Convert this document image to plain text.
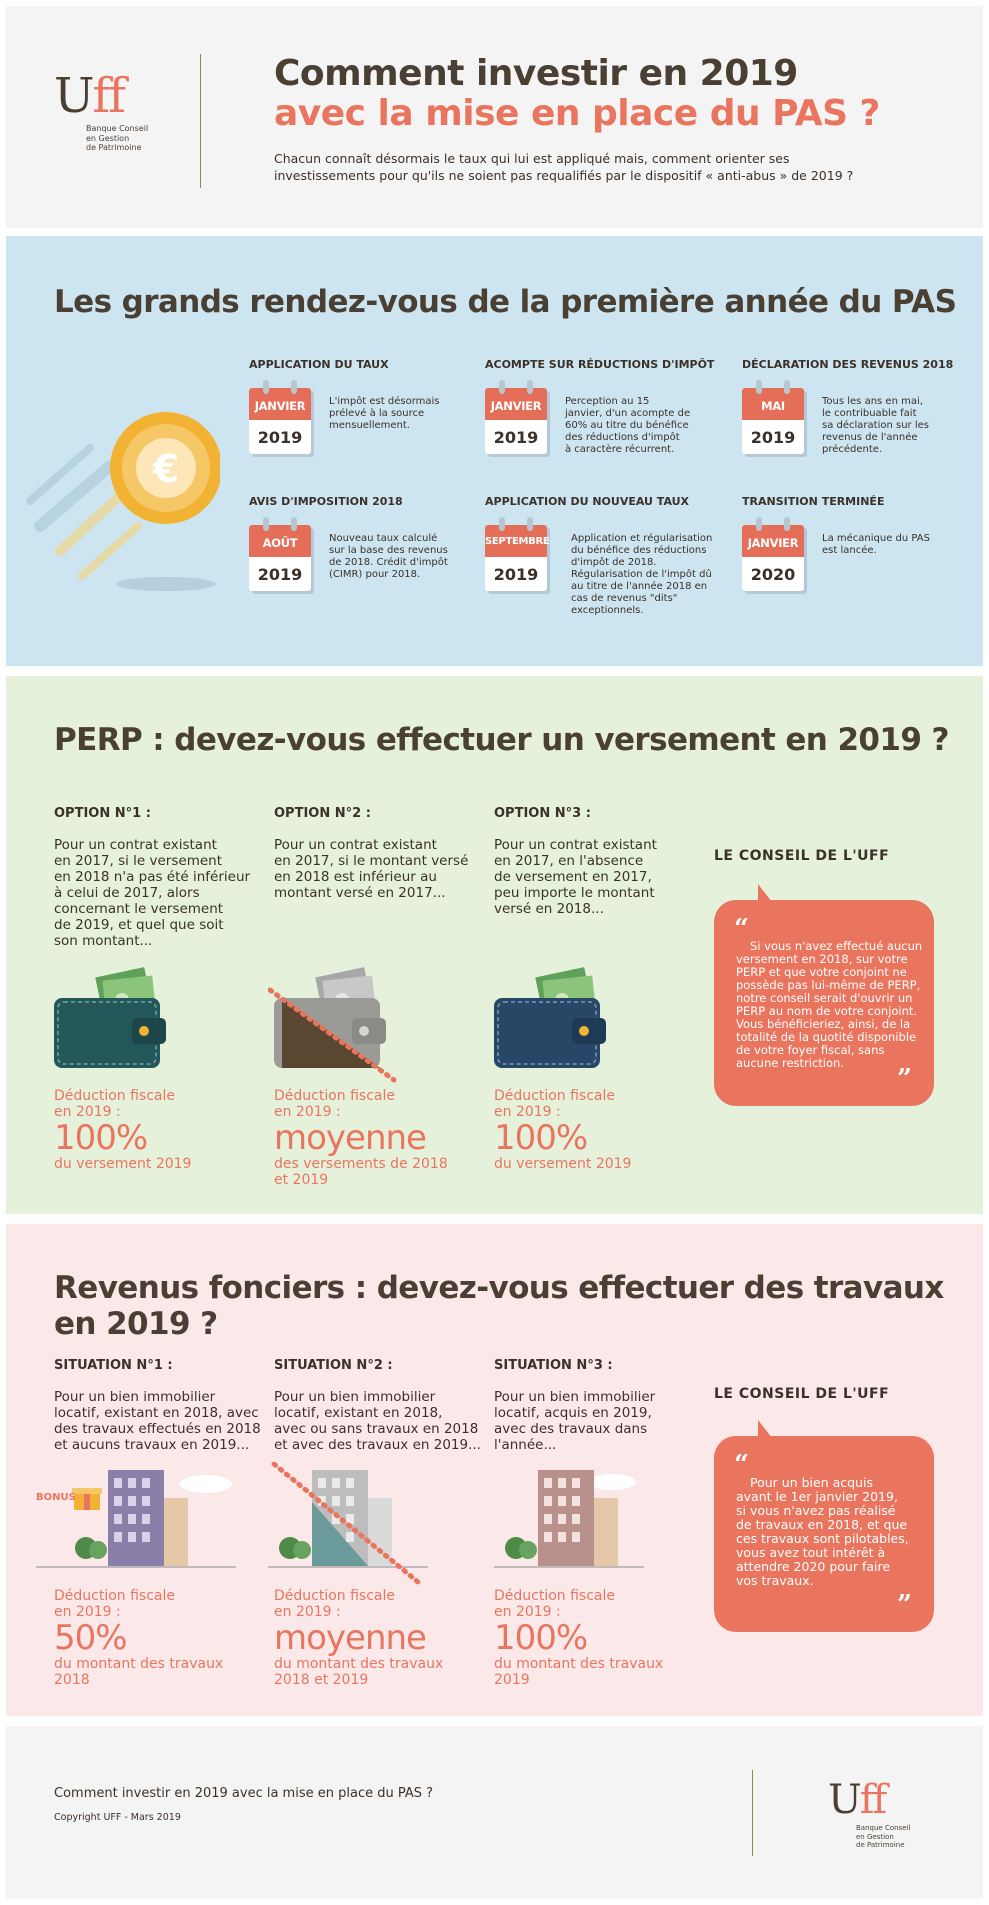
Uff
Banque Conseil
en Gestion
de Patrimoine
Comment investir en 2019
avec la mise en place du PAS ?
Chacun connaît désormais le taux qui lui est appliqué mais, comment orienter ses
investissements pour qu'ils ne soient pas requalifiés par le dispositif « anti-abus » de 2019 ?
Les grands rendez-vous de la première année du PAS
€
APPLICATION DU TAUX
JANVIER
2019
L'impôt est désormais
prélevé à la source
mensuellement.
ACOMPTE SUR RÉDUCTIONS D'IMPÔT
JANVIER
2019
Perception au 15
janvier, d'un acompte de
60% au titre du bénéfice
des réductions d'impôt
à caractère récurrent.
DÉCLARATION DES REVENUS 2018
MAI
2019
Tous les ans en mai,
le contribuable fait
sa déclaration sur les
revenus de l'année
précédente.
AVIS D'IMPOSITION 2018
AOÛT
2019
Nouveau taux calculé
sur la base des revenus
de 2018. Crédit d'impôt
(CIMR) pour 2018.
APPLICATION DU NOUVEAU TAUX
SEPTEMBRE
2019
Application et régularisation
du bénéfice des réductions
d'impôt de 2018.
Régularisation de l'impôt dû
au titre de l'année 2018 en
cas de revenus "dits"
exceptionnels.
TRANSITION TERMINÉE
JANVIER
2020
La mécanique du PAS
est lancée.
PERP : devez-vous effectuer un versement en 2019 ?
OPTION N°1 :
Pour un contrat existant
en 2017, si le versement
en 2018 n'a pas été inférieur
à celui de 2017, alors
concernant le versement
de 2019, et quel que soit
son montant...
Déduction fiscale
en 2019 :
100%
du versement 2019
OPTION N°2 :
Pour un contrat existant
en 2017, si le montant versé
en 2018 est inférieur au
montant versé en 2017...
Déduction fiscale
en 2019 :
moyenne
des versements de 2018
et 2019
OPTION N°3 :
Pour un contrat existant
en 2017, en l'absence
de versement en 2017,
peu importe le montant
versé en 2018...
Déduction fiscale
en 2019 :
100%
du versement 2019
LE CONSEIL DE L'UFF
“
Si vous n'avez effectué aucun
versement en 2018, sur votre
PERP et que votre conjoint ne
possède pas lui-même de PERP,
notre conseil serait d'ouvrir un
PERP au nom de votre conjoint.
Vous bénéficieriez, ainsi, de la
totalité de la quotité disponible
de votre foyer fiscal, sans
aucune restriction.
”
Revenus fonciers : devez-vous effectuer des travaux
en 2019 ?
SITUATION N°1 :
Pour un bien immobilier
locatif, existant en 2018, avec
des travaux effectués en 2018
et aucuns travaux en 2019...
BONUS
Déduction fiscale
en 2019 :
50%
du montant des travaux
2018
SITUATION N°2 :
Pour un bien immobilier
locatif, existant en 2018,
avec ou sans travaux en 2018
et avec des travaux en 2019...
Déduction fiscale
en 2019 :
moyenne
du montant des travaux
2018 et 2019
SITUATION N°3 :
Pour un bien immobilier
locatif, acquis en 2019,
avec des travaux dans
l'année...
Déduction fiscale
en 2019 :
100%
du montant des travaux
2019
LE CONSEIL DE L'UFF
“
Pour un bien acquis
avant le 1er janvier 2019,
si vous n'avez pas réalisé
de travaux en 2018, et que
ces travaux sont pilotables,
vous avez tout intérêt à
attendre 2020 pour faire
vos travaux.
”
Comment investir en 2019 avec la mise en place du PAS ?
Copyright UFF - Mars 2019	Uff
Banque Conseil
en Gestion
de Patrimoine
